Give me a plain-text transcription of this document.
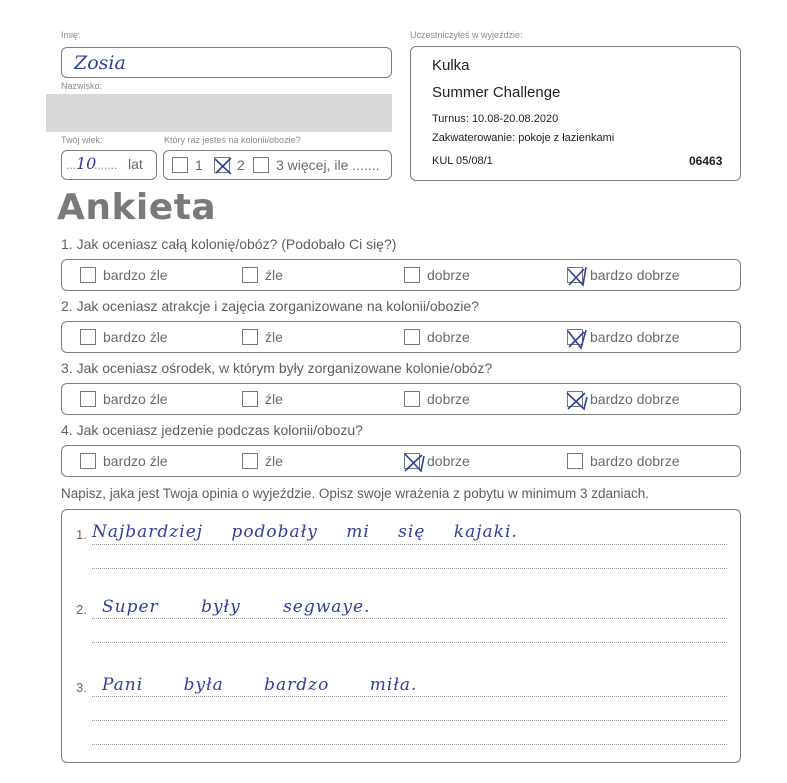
Imię:
Zosia
Nazwisko:
Twój wiek:
... 10
....... lat
Który raz jesteś na kolonii/obozie?
1 2 3 więcej, ile .......
Uczestniczyłeś w wyjeździe:
Kulka
Summer Challenge
Turnus: 10.08-20.08.2020
Zakwaterowanie: pokoje z łazienkami
KUL 05/08/1	06463
Ankieta
1. Jak oceniasz całą kolonię/obóz? (Podobało Ci się?)
bardzo źle	źle	dobrze	bardzo dobrze
2. Jak oceniasz atrakcje i zajęcia zorganizowane na kolonii/obozie?
bardzo źle	źle	dobrze	bardzo dobrze
3. Jak oceniasz ośrodek, w którym były zorganizowane kolonie/obóz?
bardzo źle	źle	dobrze	bardzo dobrze
4. Jak oceniasz jedzenie podczas kolonii/obozu?
bardzo źle	źle	dobrze	bardzo dobrze
Napisz, jaka jest Twoja opinia o wyjeździe. Opisz swoje wrażenia z pobytu w minimum 3 zdaniach.
1. Najbardziej podobały mi się kajaki.
2. Super były segwaye.
3. Pani była bardzo miła.
